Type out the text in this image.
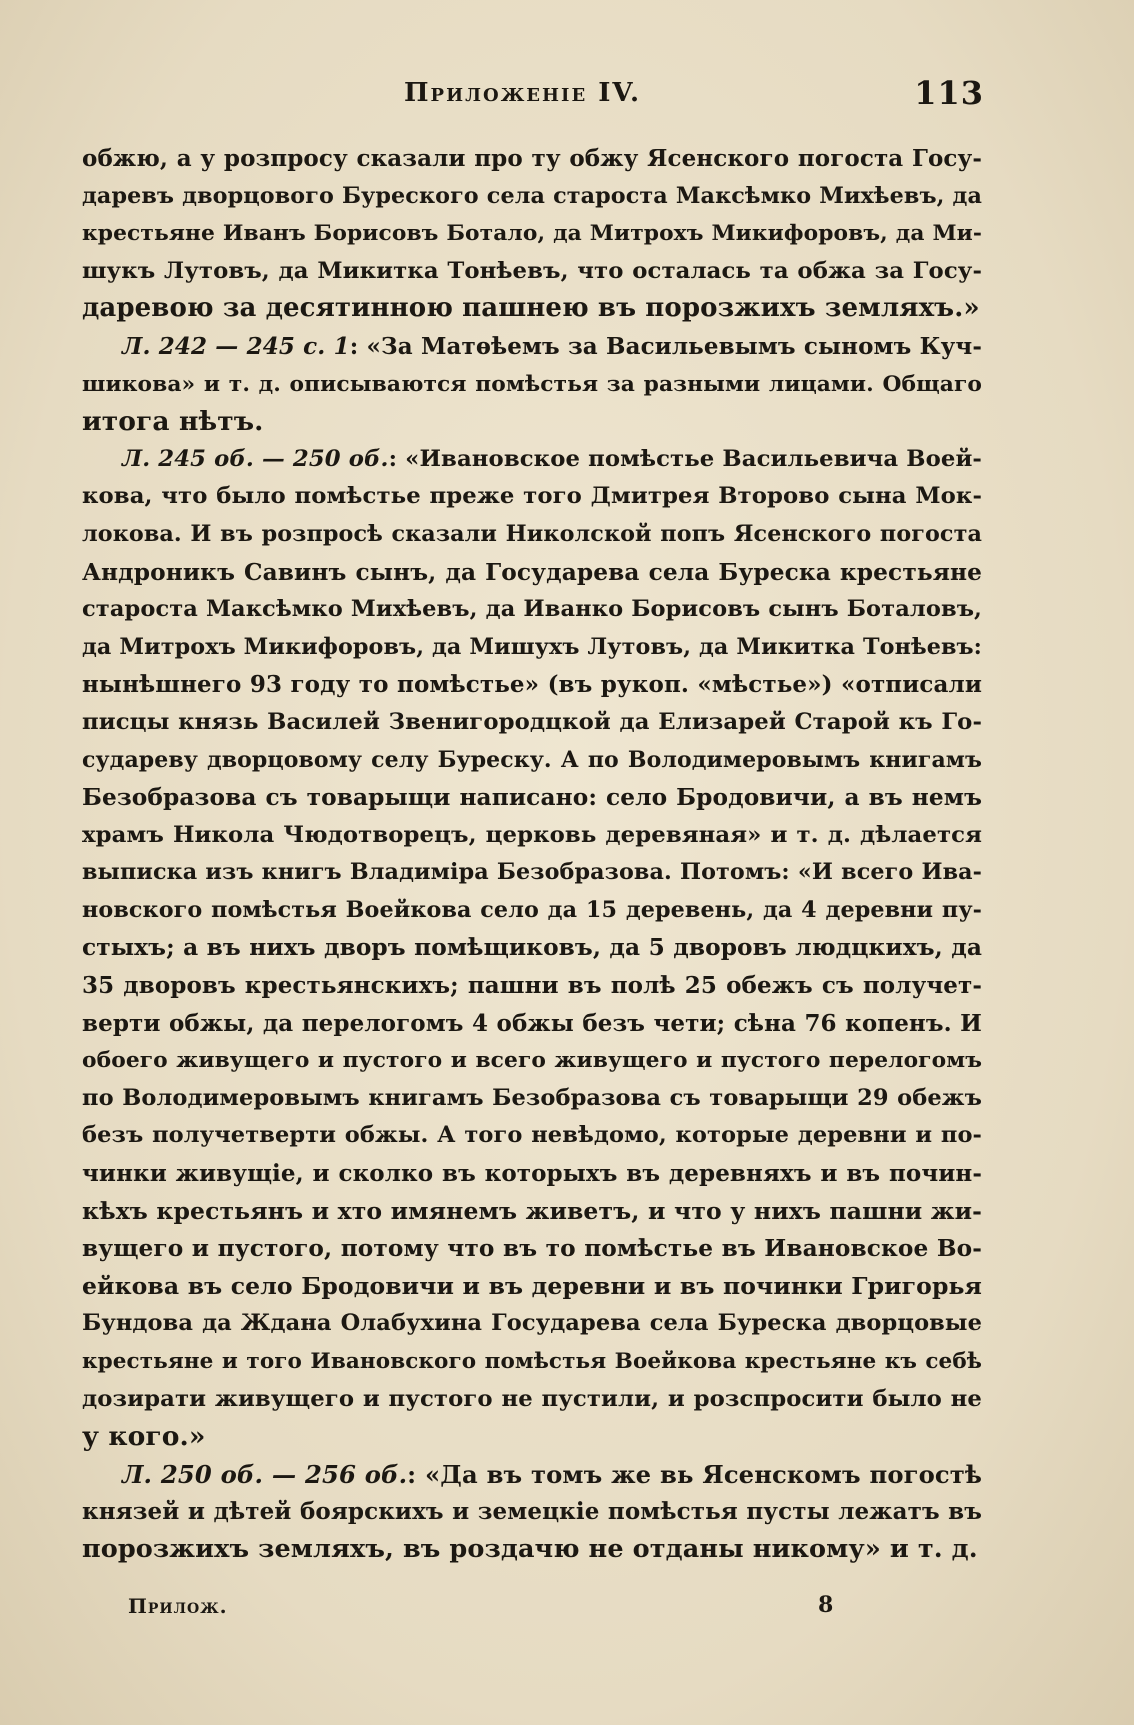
Приложеніе IV.	113
обжю, а у розпросу сказали про ту обжу Ясенского погоста Госу-
даревъ дворцового Буреского села староста Максѣмко Михѣевъ, да
крестьяне Иванъ Борисовъ Ботало, да Митрохъ Микифоровъ, да Ми-
шукъ Лутовъ, да Микитка Тонѣевъ, что осталась та обжа за Госу-
даревою за десятинною пашнею въ порозжихъ земляхъ.»
Л. 242 — 245 с. 1: «За Матѳѣемъ за Васильевымъ сыномъ Куч-
шикова» и т. д. описываются помѣстья за разными лицами. Общаго
итога нѣтъ.
Л. 245 об. — 250 об.: «Ивановское помѣстье Васильевича Воей-
кова, что было помѣстье преже того Дмитрея Второво сына Мок-
локова. И въ розпросѣ сказали Николской попъ Ясенского погоста
Андроникъ Савинъ сынъ, да Государева села Буреска крестьяне
староста Максѣмко Михѣевъ, да Иванко Борисовъ сынъ Боталовъ,
да Митрохъ Микифоровъ, да Мишухъ Лутовъ, да Микитка Тонѣевъ:
нынѣшнего 93 году то помѣстье» (въ рукоп. «мѣстье») «отписали
писцы князь Василей Звенигородцкой да Елизарей Старой къ Го-
судареву дворцовому селу Буреску. А по Володимеровымъ книгамъ
Безобразова съ товарыщи написано: село Бродовичи, а въ немъ
храмъ Никола Чюдотворецъ, церковь деревяная» и т. д. дѣлается
выписка изъ книгъ Владиміра Безобразова. Потомъ: «И всего Ива-
новского помѣстья Воейкова село да 15 деревень, да 4 деревни пу-
стыхъ; а въ нихъ дворъ помѣщиковъ, да 5 дворовъ людцкихъ, да
35 дворовъ крестьянскихъ; пашни въ полѣ 25 обежъ съ получет-
верти обжы, да перелогомъ 4 обжы безъ чети; сѣна 76 копенъ. И
обоего живущего и пустого и всего живущего и пустого перелогомъ
по Володимеровымъ книгамъ Безобразова съ товарыщи 29 обежъ
безъ получетверти обжы. А того невѣдомо, которые деревни и по-
чинки живущіе, и сколко въ которыхъ въ деревняхъ и въ почин-
кѣхъ крестьянъ и хто имянемъ живетъ, и что у нихъ пашни жи-
вущего и пустого, потому что въ то помѣстье въ Ивановское Во-
ейкова въ село Бродовичи и въ деревни и въ починки Григорья
Бундова да Ждана Олабухина Государева села Буреска дворцовые
крестьяне и того Ивановского помѣстья Воейкова крестьяне къ себѣ
дозирати живущего и пустого не пустили, и розспросити было не
у кого.»
Л. 250 об. — 256 об.: «Да въ томъ же вь Ясенскомъ погостѣ
князей и дѣтей боярскихъ и земецкіе помѣстья пусты лежатъ въ
порозжихъ земляхъ, въ роздачю не отданы никому» и т. д.
Прилож.	8
